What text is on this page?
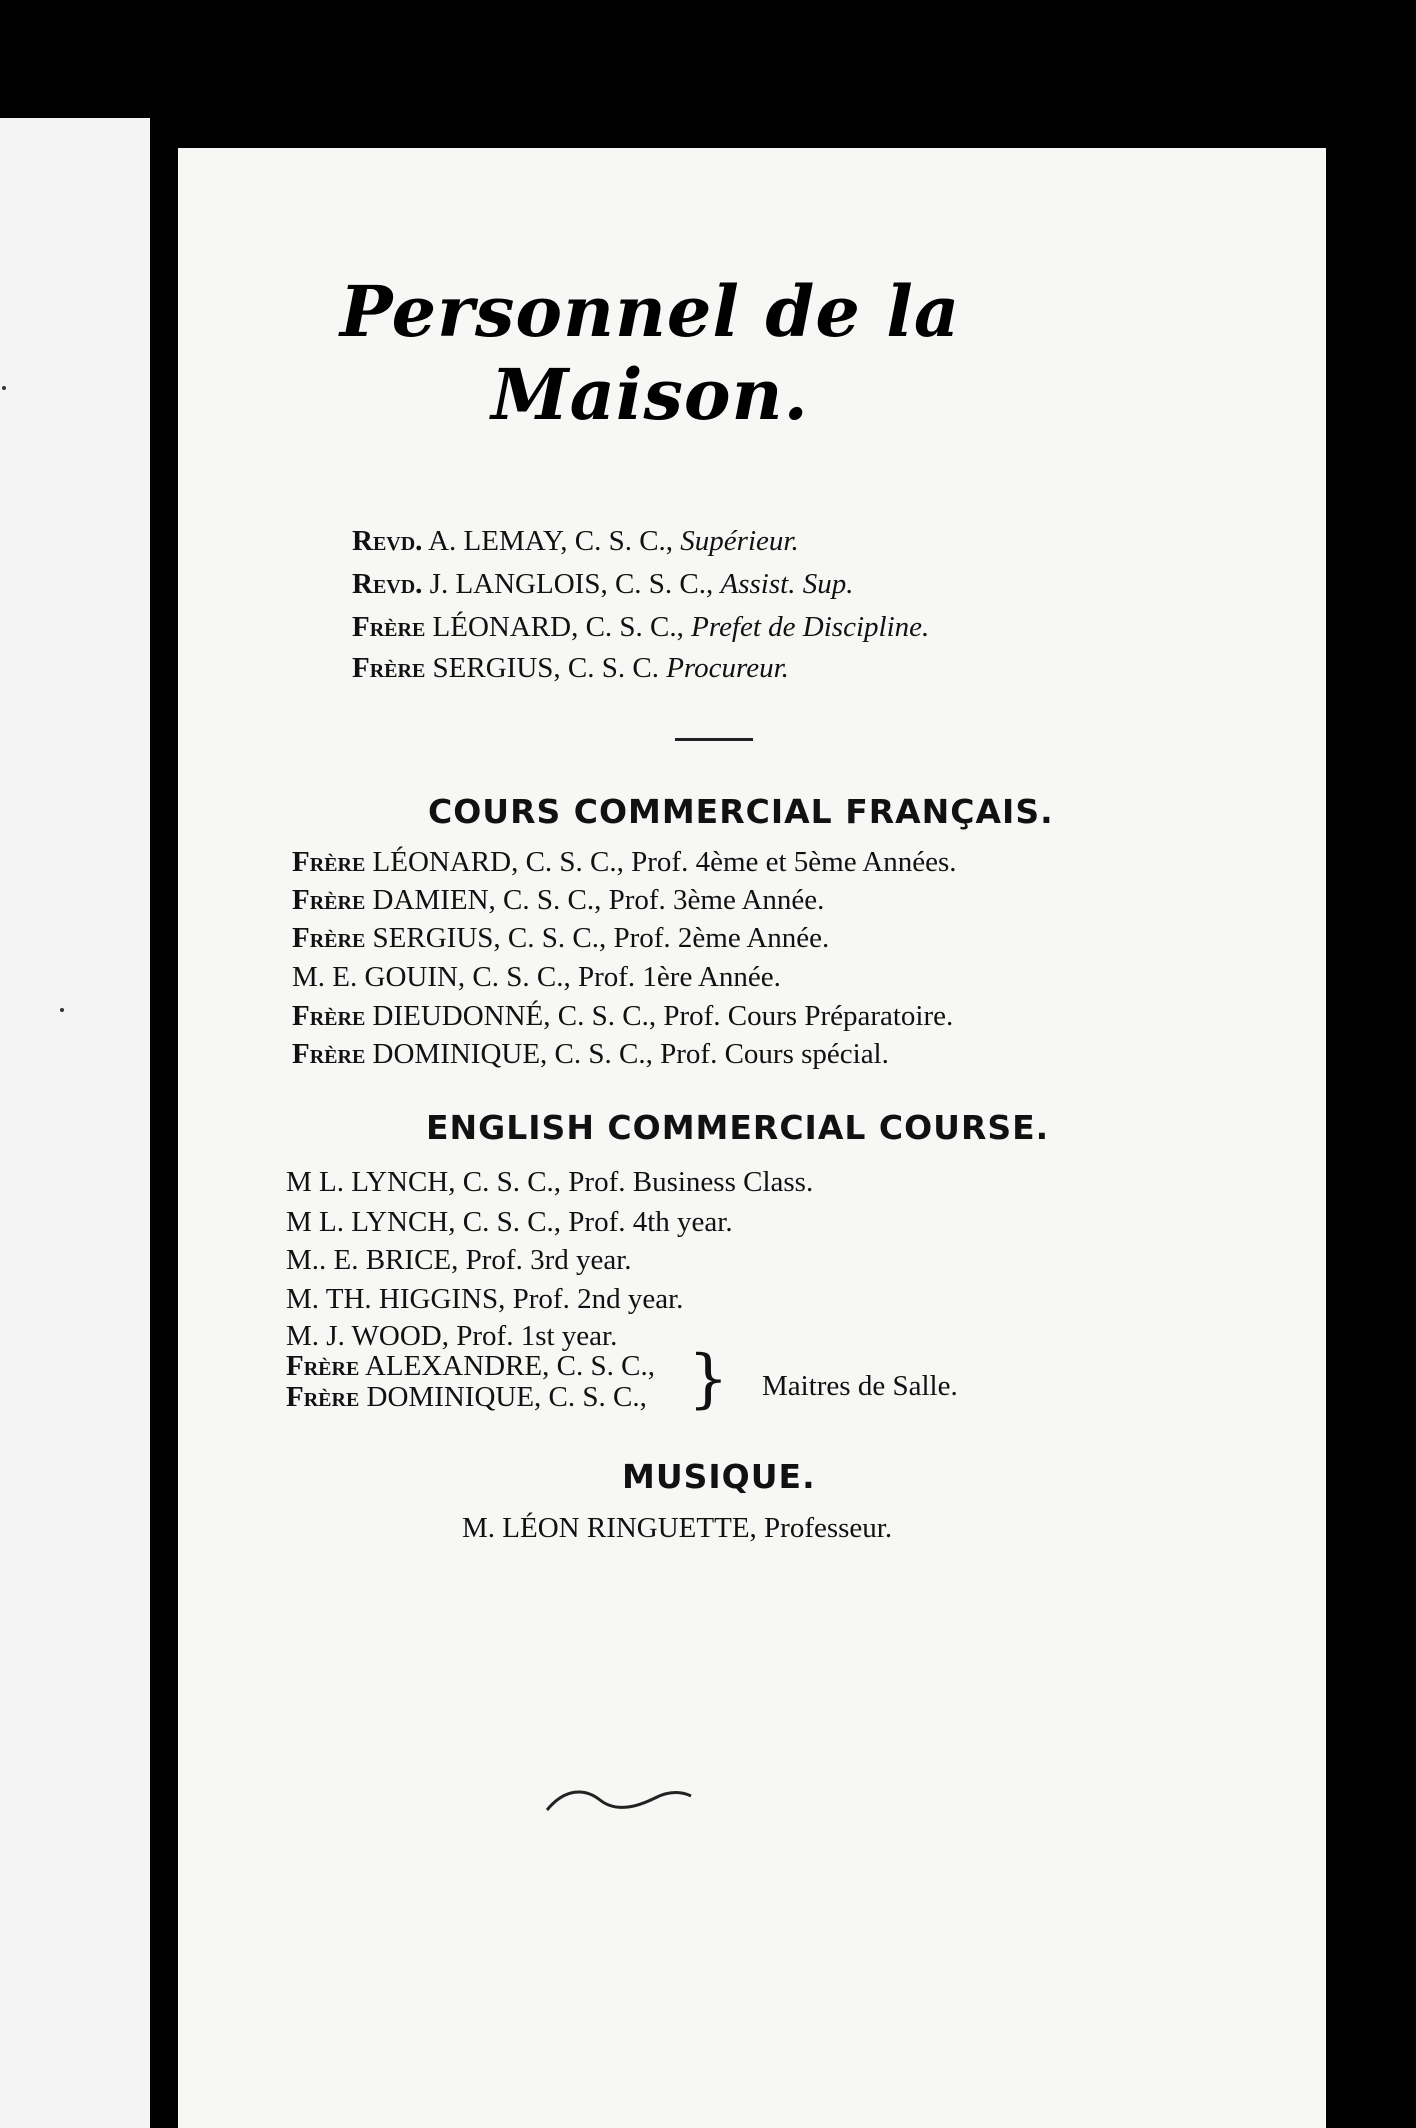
Personnel de la Maison.
Revd. A. LEMAY, C. S. C., Supérieur.
Revd. J. LANGLOIS, C. S. C., Assist. Sup.
Frère LÉONARD, C. S. C., Prefet de Discipline.
Frère SERGIUS, C. S. C. Procureur.
COURS COMMERCIAL FRANÇAIS.
Frère LÉONARD, C. S. C., Prof. 4ème et 5ème Années.
Frère DAMIEN, C. S. C., Prof. 3ème Année.
Frère SERGIUS, C. S. C., Prof. 2ème Année.
M. E. GOUIN, C. S. C., Prof. 1ère Année.
Frère DIEUDONNÉ, C. S. C., Prof. Cours Préparatoire.
Frère DOMINIQUE, C. S. C., Prof. Cours spécial.
ENGLISH COMMERCIAL COURSE.
M L. LYNCH, C. S. C., Prof. Business Class.
M L. LYNCH, C. S. C., Prof. 4th year.
M.. E. BRICE, Prof. 3rd year.
M. TH. HIGGINS, Prof. 2nd year.
M. J. WOOD, Prof. 1st year.
Frère ALEXANDRE, C. S. C.,
Frère DOMINIQUE, C. S. C., } Maitres de Salle.
MUSIQUE.
M. LÉON RINGUETTE, Professeur.
